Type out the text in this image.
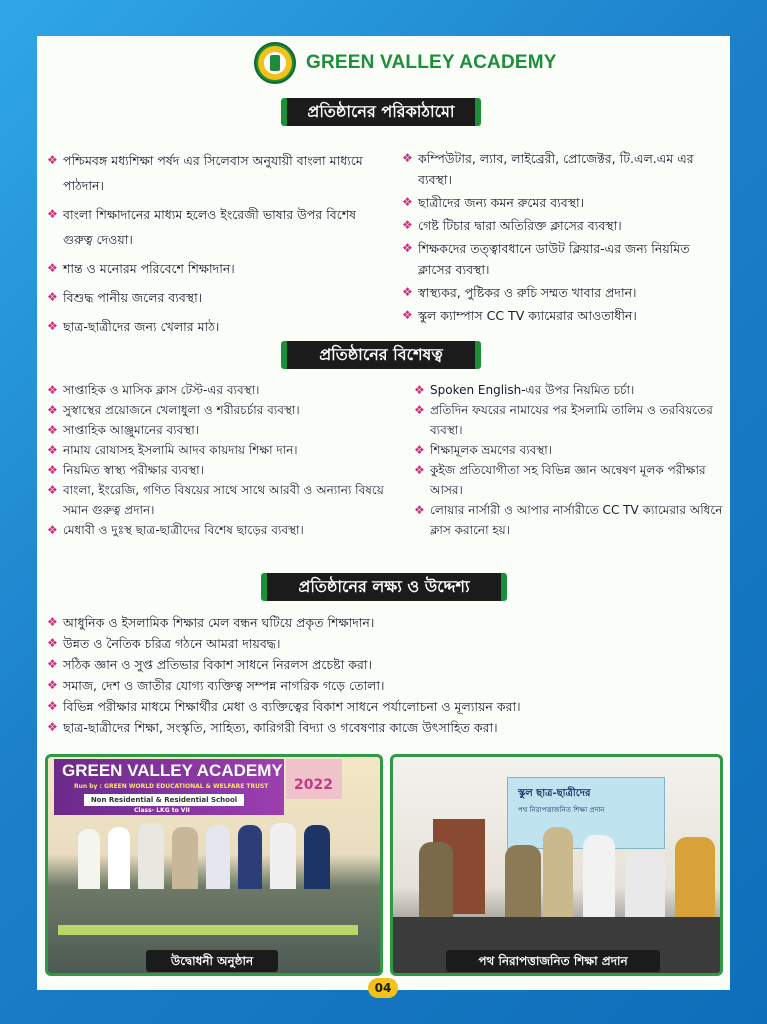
GREEN VALLEY ACADEMY
প্রতিষ্ঠানের পরিকাঠামো
❖ পশ্চিমবঙ্গ মধ্যশিক্ষা পর্ষদ এর সিলেবাস অনুযায়ী বাংলা মাধ্যমে পাঠদান।
❖ বাংলা শিক্ষাদানের মাধ্যম হলেও ইংরেজী ভাষার উপর বিশেষ গুরুত্ব দেওয়া।
❖ শান্ত ও মনোরম পরিবেশে শিক্ষাদান।
❖ বিশুদ্ধ পানীয় জলের ব্যবস্থা।
❖ ছাত্র-ছাত্রীদের জন্য খেলার মাঠ।
❖ কম্পিউটার, ল্যাব, লাইব্রেরী, প্রোজেক্টর, টি.এল.এম এর ব্যবস্থা।
❖ ছাত্রীদের জন্য কমন রুমের ব্যবস্থা।
❖ গেষ্ট টিচার দ্বারা অতিরিক্ত ক্লাসের ব্যবস্থা।
❖ শিক্ষকদের তত্ত্বাবধানে ডাউট ক্লিয়ার-এর জন্য নিয়মিত ক্লাসের ব্যবস্থা।
❖ স্বাস্থ্যকর, পুষ্টিকর ও রুচি সম্মত খাবার প্রদান।
❖ স্কুল ক্যাম্পাস CC TV ক্যামেরার আওতাধীন।
প্রতিষ্ঠানের বিশেষত্ব
❖ সাপ্তাহিক ও মাসিক ক্লাস টেস্ট-এর ব্যবস্থা।
❖ সুস্বাস্থের প্রয়োজনে খেলাধুলা ও শরীরচর্চার ব্যবস্থা।
❖ সাপ্তাহিক আঞ্জুমানের ব্যবস্থা।
❖ নামায রোযাসহ ইসলামি আদব কায়দায় শিক্ষা দান।
❖ নিয়মিত স্বাস্থ্য পরীক্ষার ব্যবস্থা।
❖ বাংলা, ইংরেজি, গণিত বিষয়ের সাথে সাথে আরবী ও অন্যান্য বিষয়ে সমান গুরুত্ব প্রদান।
❖ মেধাবী ও দুঃস্থ ছাত্র-ছাত্রীদের বিশেষ ছাড়ের ব্যবস্থা।
❖ Spoken English-এর উপর নিয়মিত চর্চা।
❖ প্রতিদিন ফযরের নামাযের পর ইসলামি তালিম ও তরবিয়তের ব্যবস্থা।
❖ শিক্ষামূলক ভ্রমণের ব্যবস্থা।
❖ কুইজ প্রতিযোগীতা সহ বিভিন্ন জ্ঞান অন্বেষণ মূলক পরীক্ষার আসর।
❖ লোয়ার নার্সারী ও আপার নার্সারীতে CC TV ক্যামেরার অধিনে ক্লাস করানো হয়।
প্রতিষ্ঠানের লক্ষ্য ও উদ্দেশ্য
❖ আধুনিক ও ইসলামিক শিক্ষার মেল বন্ধন ঘটিয়ে প্রকৃত শিক্ষাদান।
❖ উন্নত ও নৈতিক চরিত্র গঠনে আমরা দায়বদ্ধ।
❖ সঠিক জ্ঞান ও সুপ্ত প্রতিভার বিকাশ সাধনে নিরলস প্রচেষ্টা করা।
❖ সমাজ, দেশ ও জাতীর যোগ্য ব্যক্তিত্ব সম্পন্ন নাগরিক গড়ে তোলা।
❖ বিভিন্ন পরীক্ষার মাধমে শিক্ষার্থীর মেধা ও ব্যক্তিত্বের বিকাশ সাধনে পর্যালোচনা ও মূল্যায়ন করা।
❖ ছাত্র-ছাত্রীদের শিক্ষা, সংস্কৃতি, সাহিত্য, কারিগরী বিদ্যা ও গবেষণার কাজে উৎসাহিত করা।
GREEN VALLEY ACADEMY
Run by : GREEN WORLD EDUCATIONAL & WELFARE TRUST
Non Residential & Residential School
Class- LKG to VII
2022
উদ্বোধনী অনুষ্ঠান
স্কুল ছাত্র-ছাত্রীদের
পথ নিরাপত্তাজনিত শিক্ষা প্রদান
পথ নিরাপত্তাজনিত শিক্ষা প্রদান
04
